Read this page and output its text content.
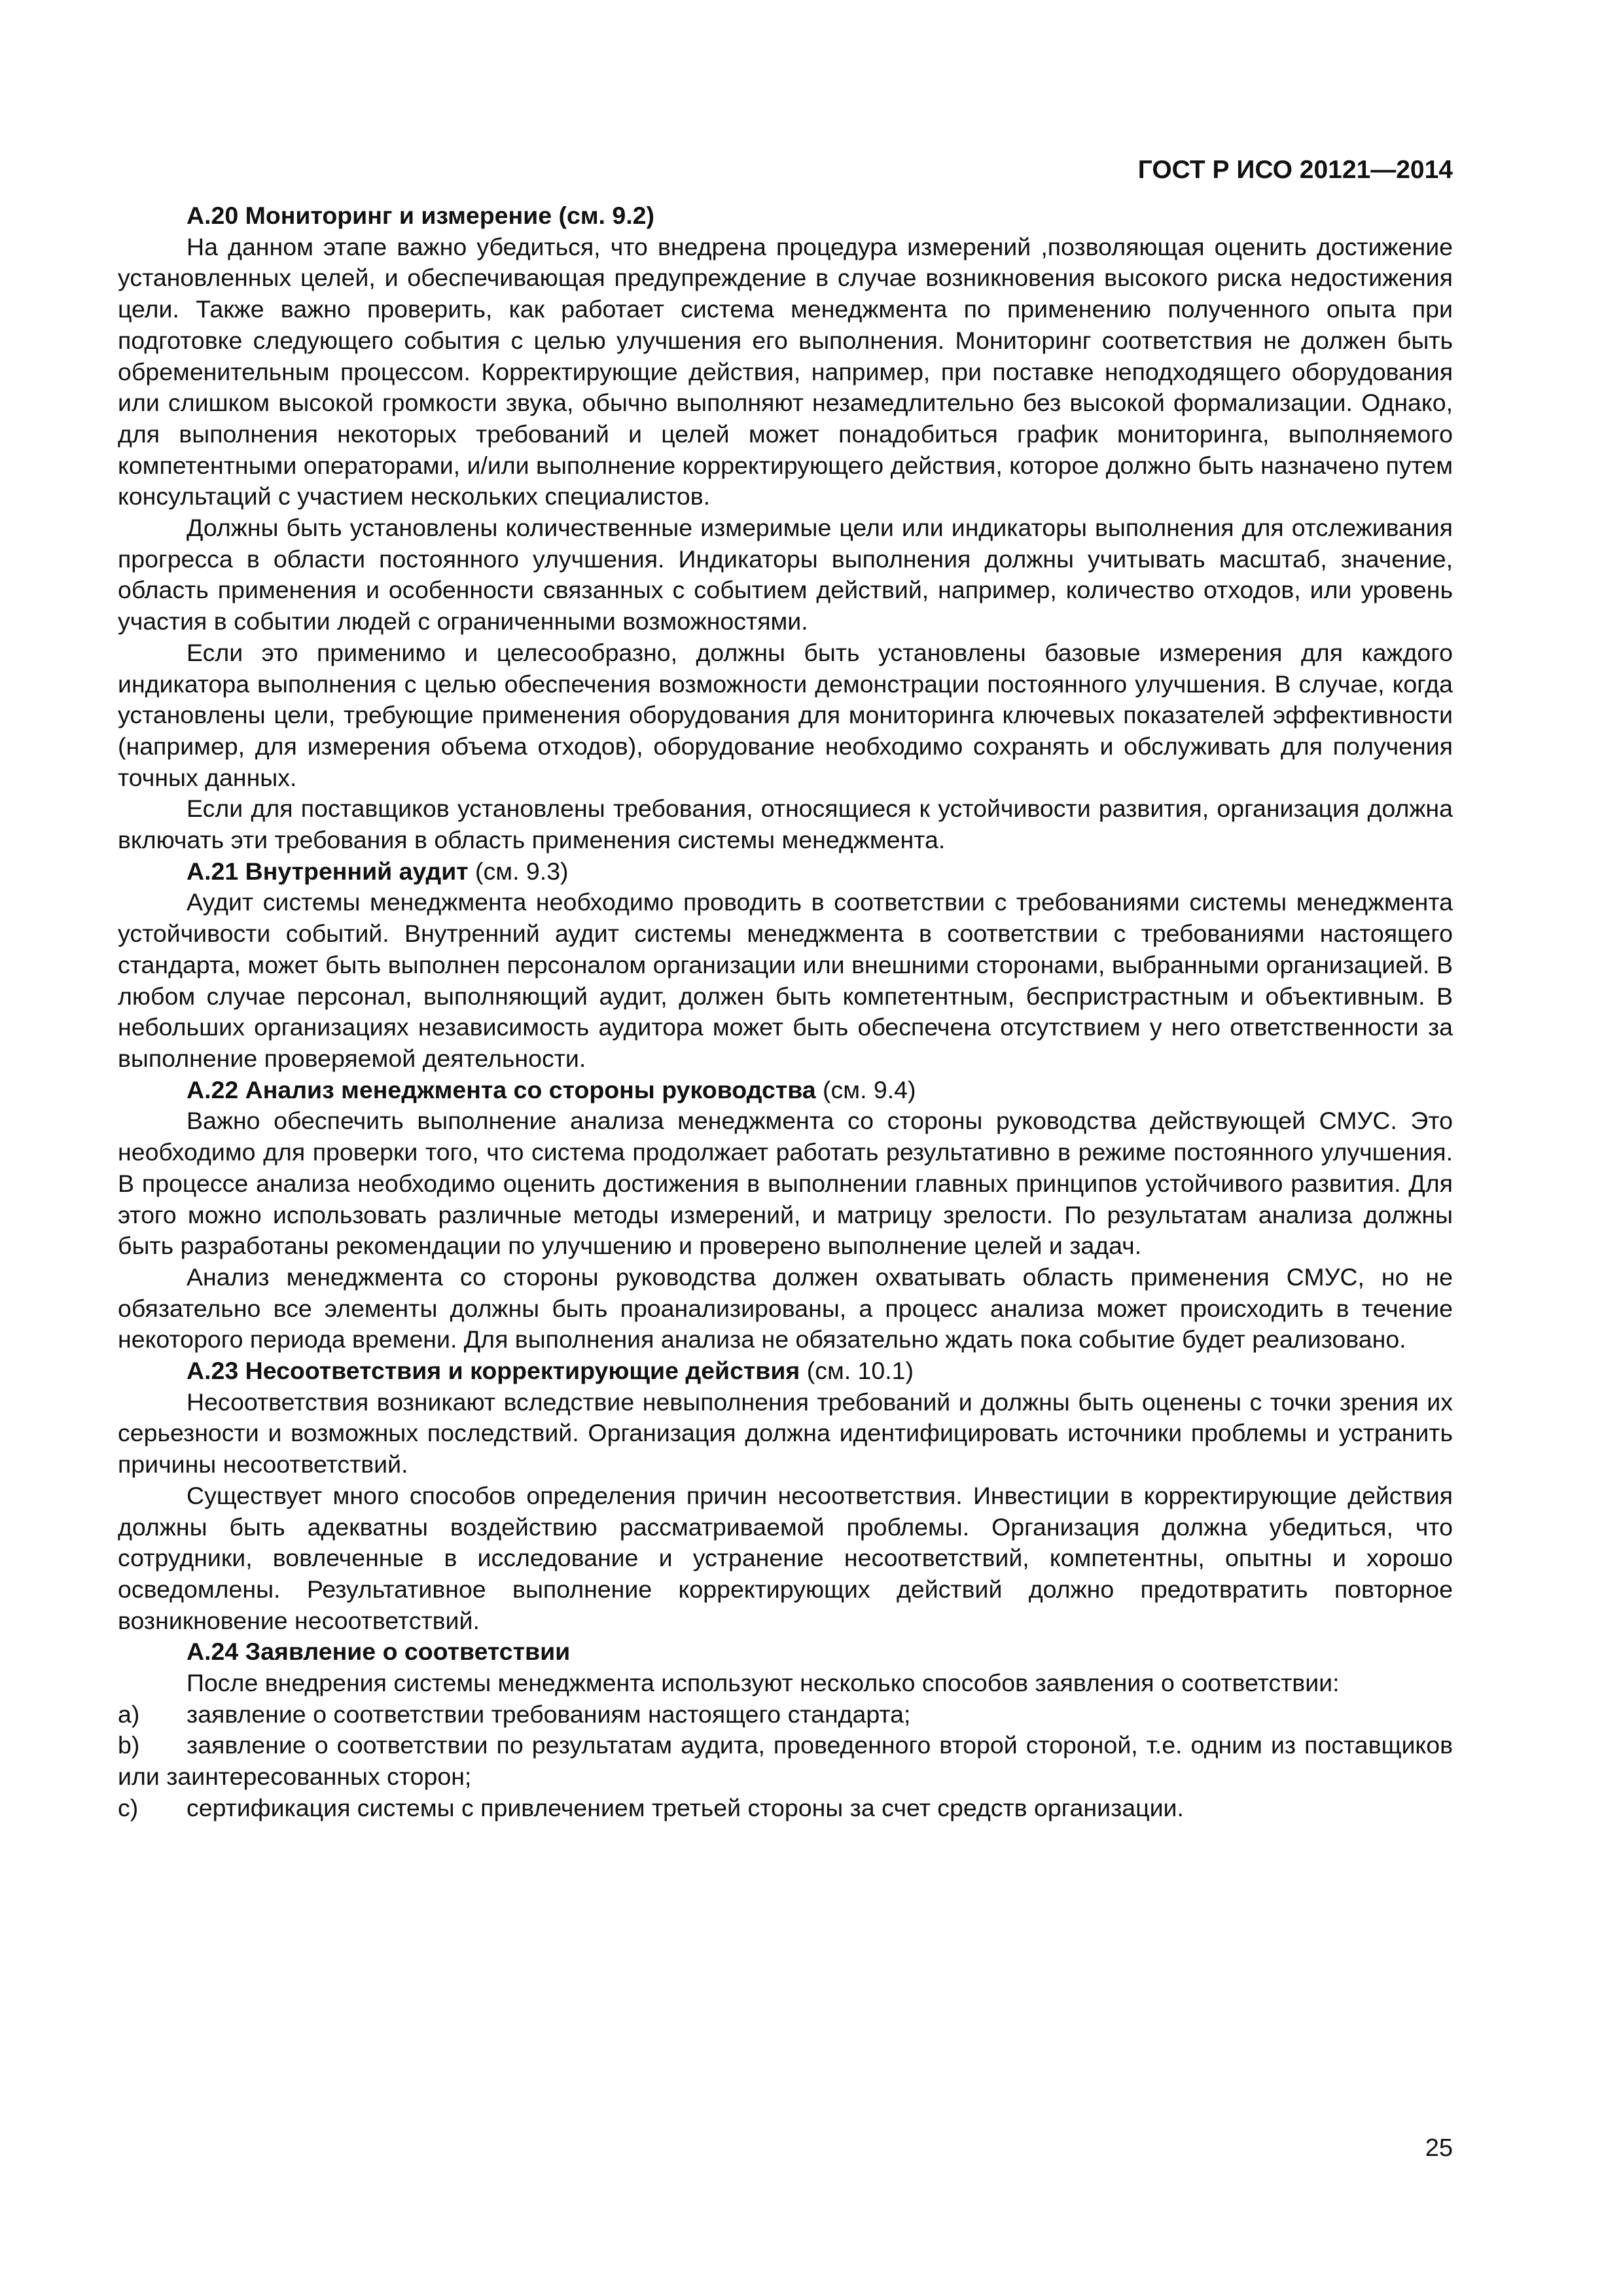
ГОСТ Р ИСО 20121—2014

А.20 Мониторинг и измерение (см. 9.2)

На данном этапе важно убедиться, что внедрена процедура измерений ,позволяющая оценить достижение установленных целей, и обеспечивающая предупреждение в случае возникновения высокого риска недостижения цели. Также важно проверить, как работает система менеджмента по применению полученного опыта при подготовке следующего события с целью улучшения его выполнения. Мониторинг соответствия не должен быть обременительным процессом. Корректирующие действия, например, при поставке неподходящего оборудования или слишком высокой громкости звука, обычно выполняют незамедлительно без высокой формализации. Однако, для выполнения некоторых требований и целей может понадобиться график мониторинга, выполняемого компетентными операторами, и/или выполнение корректирующего действия, которое должно быть назначено путем консультаций с участием нескольких специалистов.

Должны быть установлены количественные измеримые цели или индикаторы выполнения для отслеживания прогресса в области постоянного улучшения. Индикаторы выполнения должны учитывать масштаб, значение, область применения и особенности связанных с событием действий, например, количество отходов, или уровень участия в событии людей с ограниченными возможностями.

Если это применимо и целесообразно, должны быть установлены базовые измерения для каждого индикатора выполнения с целью обеспечения возможности демонстрации постоянного улучшения. В случае, когда установлены цели, требующие применения оборудования для мониторинга ключевых показателей эффективности (например, для измерения объема отходов), оборудование необходимо сохранять и обслуживать для получения точных данных.

Если для поставщиков установлены требования, относящиеся к устойчивости развития, организация должна включать эти требования в область применения системы менеджмента.

А.21 Внутренний аудит (см. 9.3)

Аудит системы менеджмента необходимо проводить в соответствии с требованиями системы менеджмента устойчивости событий. Внутренний аудит системы менеджмента в соответствии с требованиями настоящего стандарта, может быть выполнен персоналом организации или внешними сторонами, выбранными организацией. В любом случае персонал, выполняющий аудит, должен быть компетентным, беспристрастным и объективным. В небольших организациях независимость аудитора может быть обеспечена отсутствием у него ответственности за выполнение проверяемой деятельности.

А.22 Анализ менеджмента со стороны руководства (см. 9.4)

Важно обеспечить выполнение анализа менеджмента со стороны руководства действующей СМУС. Это необходимо для проверки того, что система продолжает работать результативно в режиме постоянного улучшения. В процессе анализа необходимо оценить достижения в выполнении главных принципов устойчивого развития. Для этого можно использовать различные методы измерений, и матрицу зрелости. По результатам анализа должны быть разработаны рекомендации по улучшению и проверено выполнение целей и задач.

Анализ менеджмента со стороны руководства должен охватывать область применения СМУС, но не обязательно все элементы должны быть проанализированы, а процесс анализа может происходить в течение некоторого периода времени. Для выполнения анализа не обязательно ждать пока событие будет реализовано.

А.23 Несоответствия и корректирующие действия (см. 10.1)

Несоответствия возникают вследствие невыполнения требований и должны быть оценены с точки зрения их серьезности и возможных последствий. Организация должна идентифицировать источники проблемы и устранить причины несоответствий.

Существует много способов определения причин несоответствия. Инвестиции в корректирующие действия должны быть адекватны воздействию рассматриваемой проблемы. Организация должна убедиться, что сотрудники, вовлеченные в исследование и устранение несоответствий, компетентны, опытны и хорошо осведомлены. Результативное выполнение корректирующих действий должно предотвратить повторное возникновение несоответствий.

А.24 Заявление о соответствии

После внедрения системы менеджмента используют несколько способов заявления о соответствии:

a)	заявление о соответствии требованиям настоящего стандарта;

b) заявление о соответствии по результатам аудита, проведенного второй стороной, т.е. одним из поставщиков или заинтересованных сторон;

c)	сертификация системы с привлечением третьей стороны за счет средств организации.

25
